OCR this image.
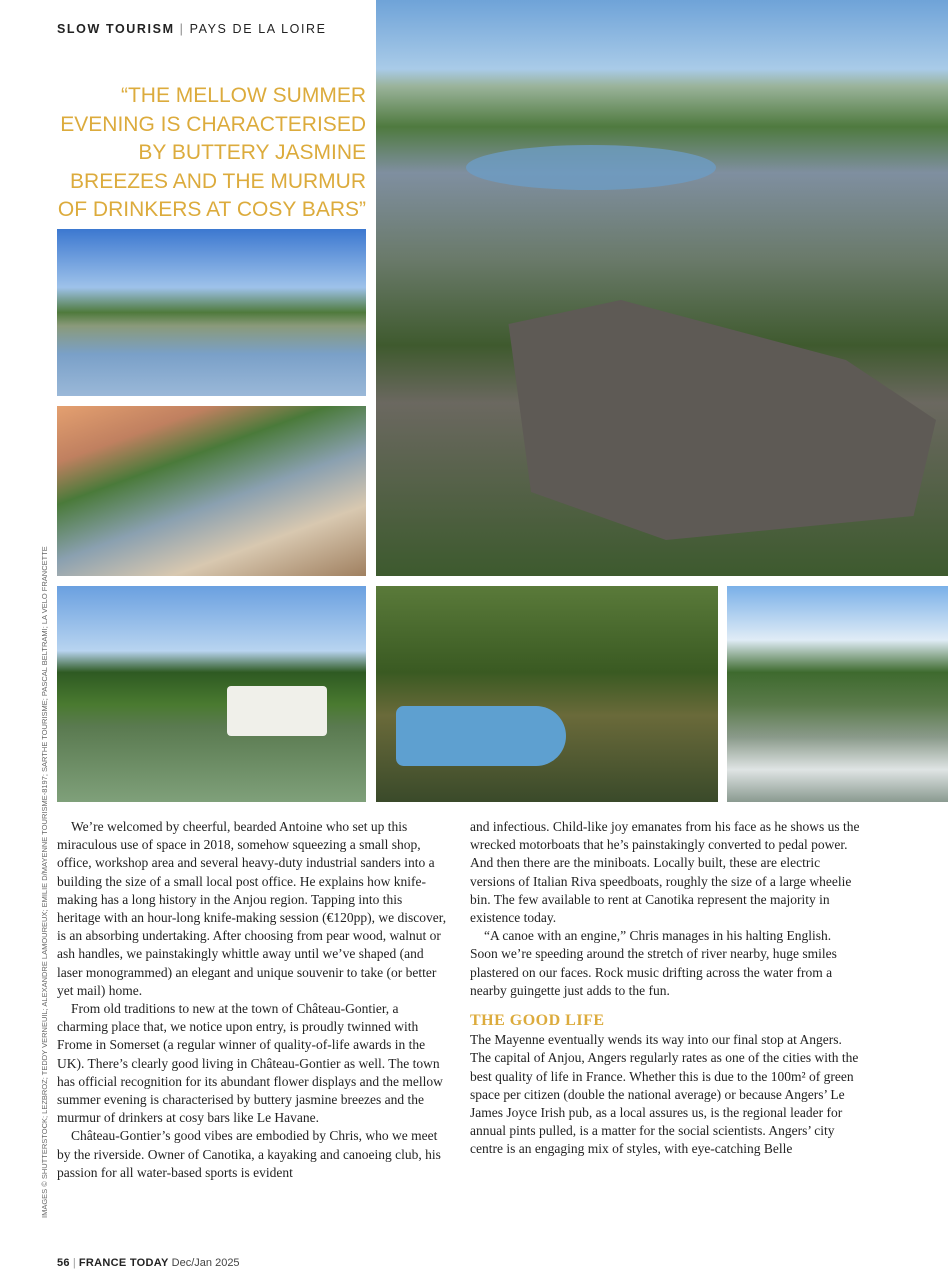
SLOW TOURISM | PAYS DE LA LOIRE
“THE MELLOW SUMMER EVENING IS CHARACTERISED BY BUTTERY JASMINE BREEZES AND THE MURMUR OF DRINKERS AT COSY BARS”
IMAGES © SHUTTERSTOCK; LEZBROZ; TEDDY VERNEUIL; ALEXANDRE LAMOUREUX; EMILIE D/MAYENNE TOURISME-8197; SARTHE TOURISME; PASCAL BELTRAMI; LA VELO FRANCETTE	We’re welcomed by cheerful, bearded Antoine who set up this miraculous use of space in 2018, somehow squeezing a small shop, office, workshop area and several heavy-duty industrial sanders into a building the size of a small local post office. He explains how knife-making has a long history in the Anjou region. Tapping into this heritage with an hour-long knife-making session (€120pp), we discover, is an absorbing undertaking. After choosing from pear wood, walnut or ash handles, we painstakingly whittle away until we’ve shaped (and laser monogrammed) an elegant and unique souvenir to take (or better yet mail) home.

From old traditions to new at the town of Château-Gontier, a charming place that, we notice upon entry, is proudly twinned with Frome in Somerset (a regular winner of quality-of-life awards in the UK). There’s clearly good living in Château-Gontier as well. The town has official recognition for its abundant flower displays and the mellow summer evening is characterised by buttery jasmine breezes and the murmur of drinkers at cosy bars like Le Havane.

Château-Gontier’s good vibes are embodied by Chris, who we meet by the riverside. Owner of Canotika, a kayaking and canoeing club, his passion for all water-based sports is evident

and infectious. Child-like joy emanates from his face as he shows us the wrecked motorboats that he’s painstakingly converted to pedal power. And then there are the miniboats. Locally built, these are electric versions of Italian Riva speedboats, roughly the size of a large wheelie bin. The few available to rent at Canotika represent the majority in existence today.

“A canoe with an engine,” Chris manages in his halting English. Soon we’re speeding around the stretch of river nearby, huge smiles plastered on our faces. Rock music drifting across the water from a nearby guingette just adds to the fun.

THE GOOD LIFE

The Mayenne eventually wends its way into our final stop at Angers. The capital of Anjou, Angers regularly rates as one of the cities with the best quality of life in France. Whether this is due to the 100m² of green space per citizen (double the national average) or because Angers’ Le James Joyce Irish pub, as a local assures us, is the regional leader for annual pints pulled, is a matter for the social scientists. Angers’ city centre is an engaging mix of styles, with eye-catching Belle

56 | FRANCE TODAY Dec/Jan 2025
